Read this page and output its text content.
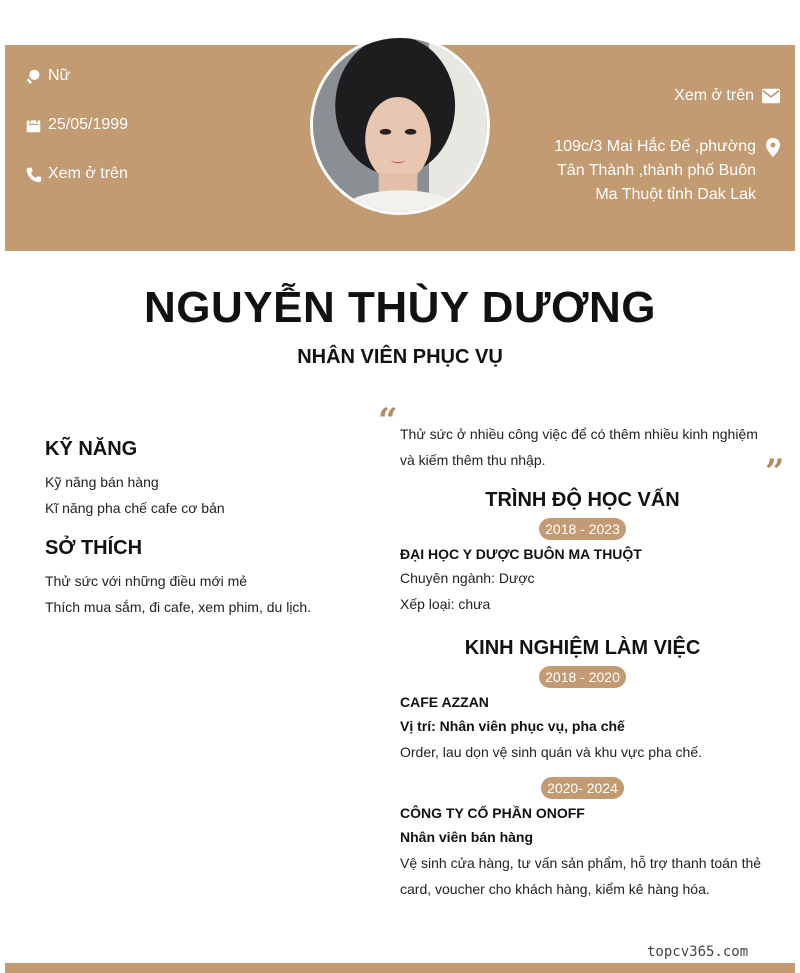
Nữ
25/05/1999
Xem ở trên
Xem ở trên
109c/3 Mai Hắc Đế ,phường Tân Thành ,thành phố Buôn Ma Thuột tỉnh Dak Lak
NGUYỄN THÙY DƯƠNG
NHÂN VIÊN PHỤC VỤ
KỸ NĂNG
Kỹ năng bán hàng
Kĩ năng pha chế cafe cơ bản
SỞ THÍCH
Thử sức với những điều mới mẻ
Thích mua sắm, đi cafe, xem phim, du lịch.
“ Thử sức ở nhiều công việc để có thêm nhiều kinh nghiệm và kiếm thêm thu nhập.	”
TRÌNH ĐỘ HỌC VẤN
2018 - 2023
ĐẠI HỌC Y DƯỢC BUÔN MA THUỘT
Chuyên ngành: Dược
Xếp loại: chưa
KINH NGHIỆM LÀM VIỆC
2018 - 2020
CAFE AZZAN
Vị trí: Nhân viên phục vụ, pha chế
Order, lau dọn vệ sinh quán và khu vực pha chế.
2020- 2024
CÔNG TY CỔ PHẦN ONOFF
Nhân viên bán hàng
Vệ sinh cửa hàng, tư vấn sản phẩm, hỗ trợ thanh toán thẻ card, voucher cho khách hàng, kiểm kê hàng hóa.
topcv365.com
